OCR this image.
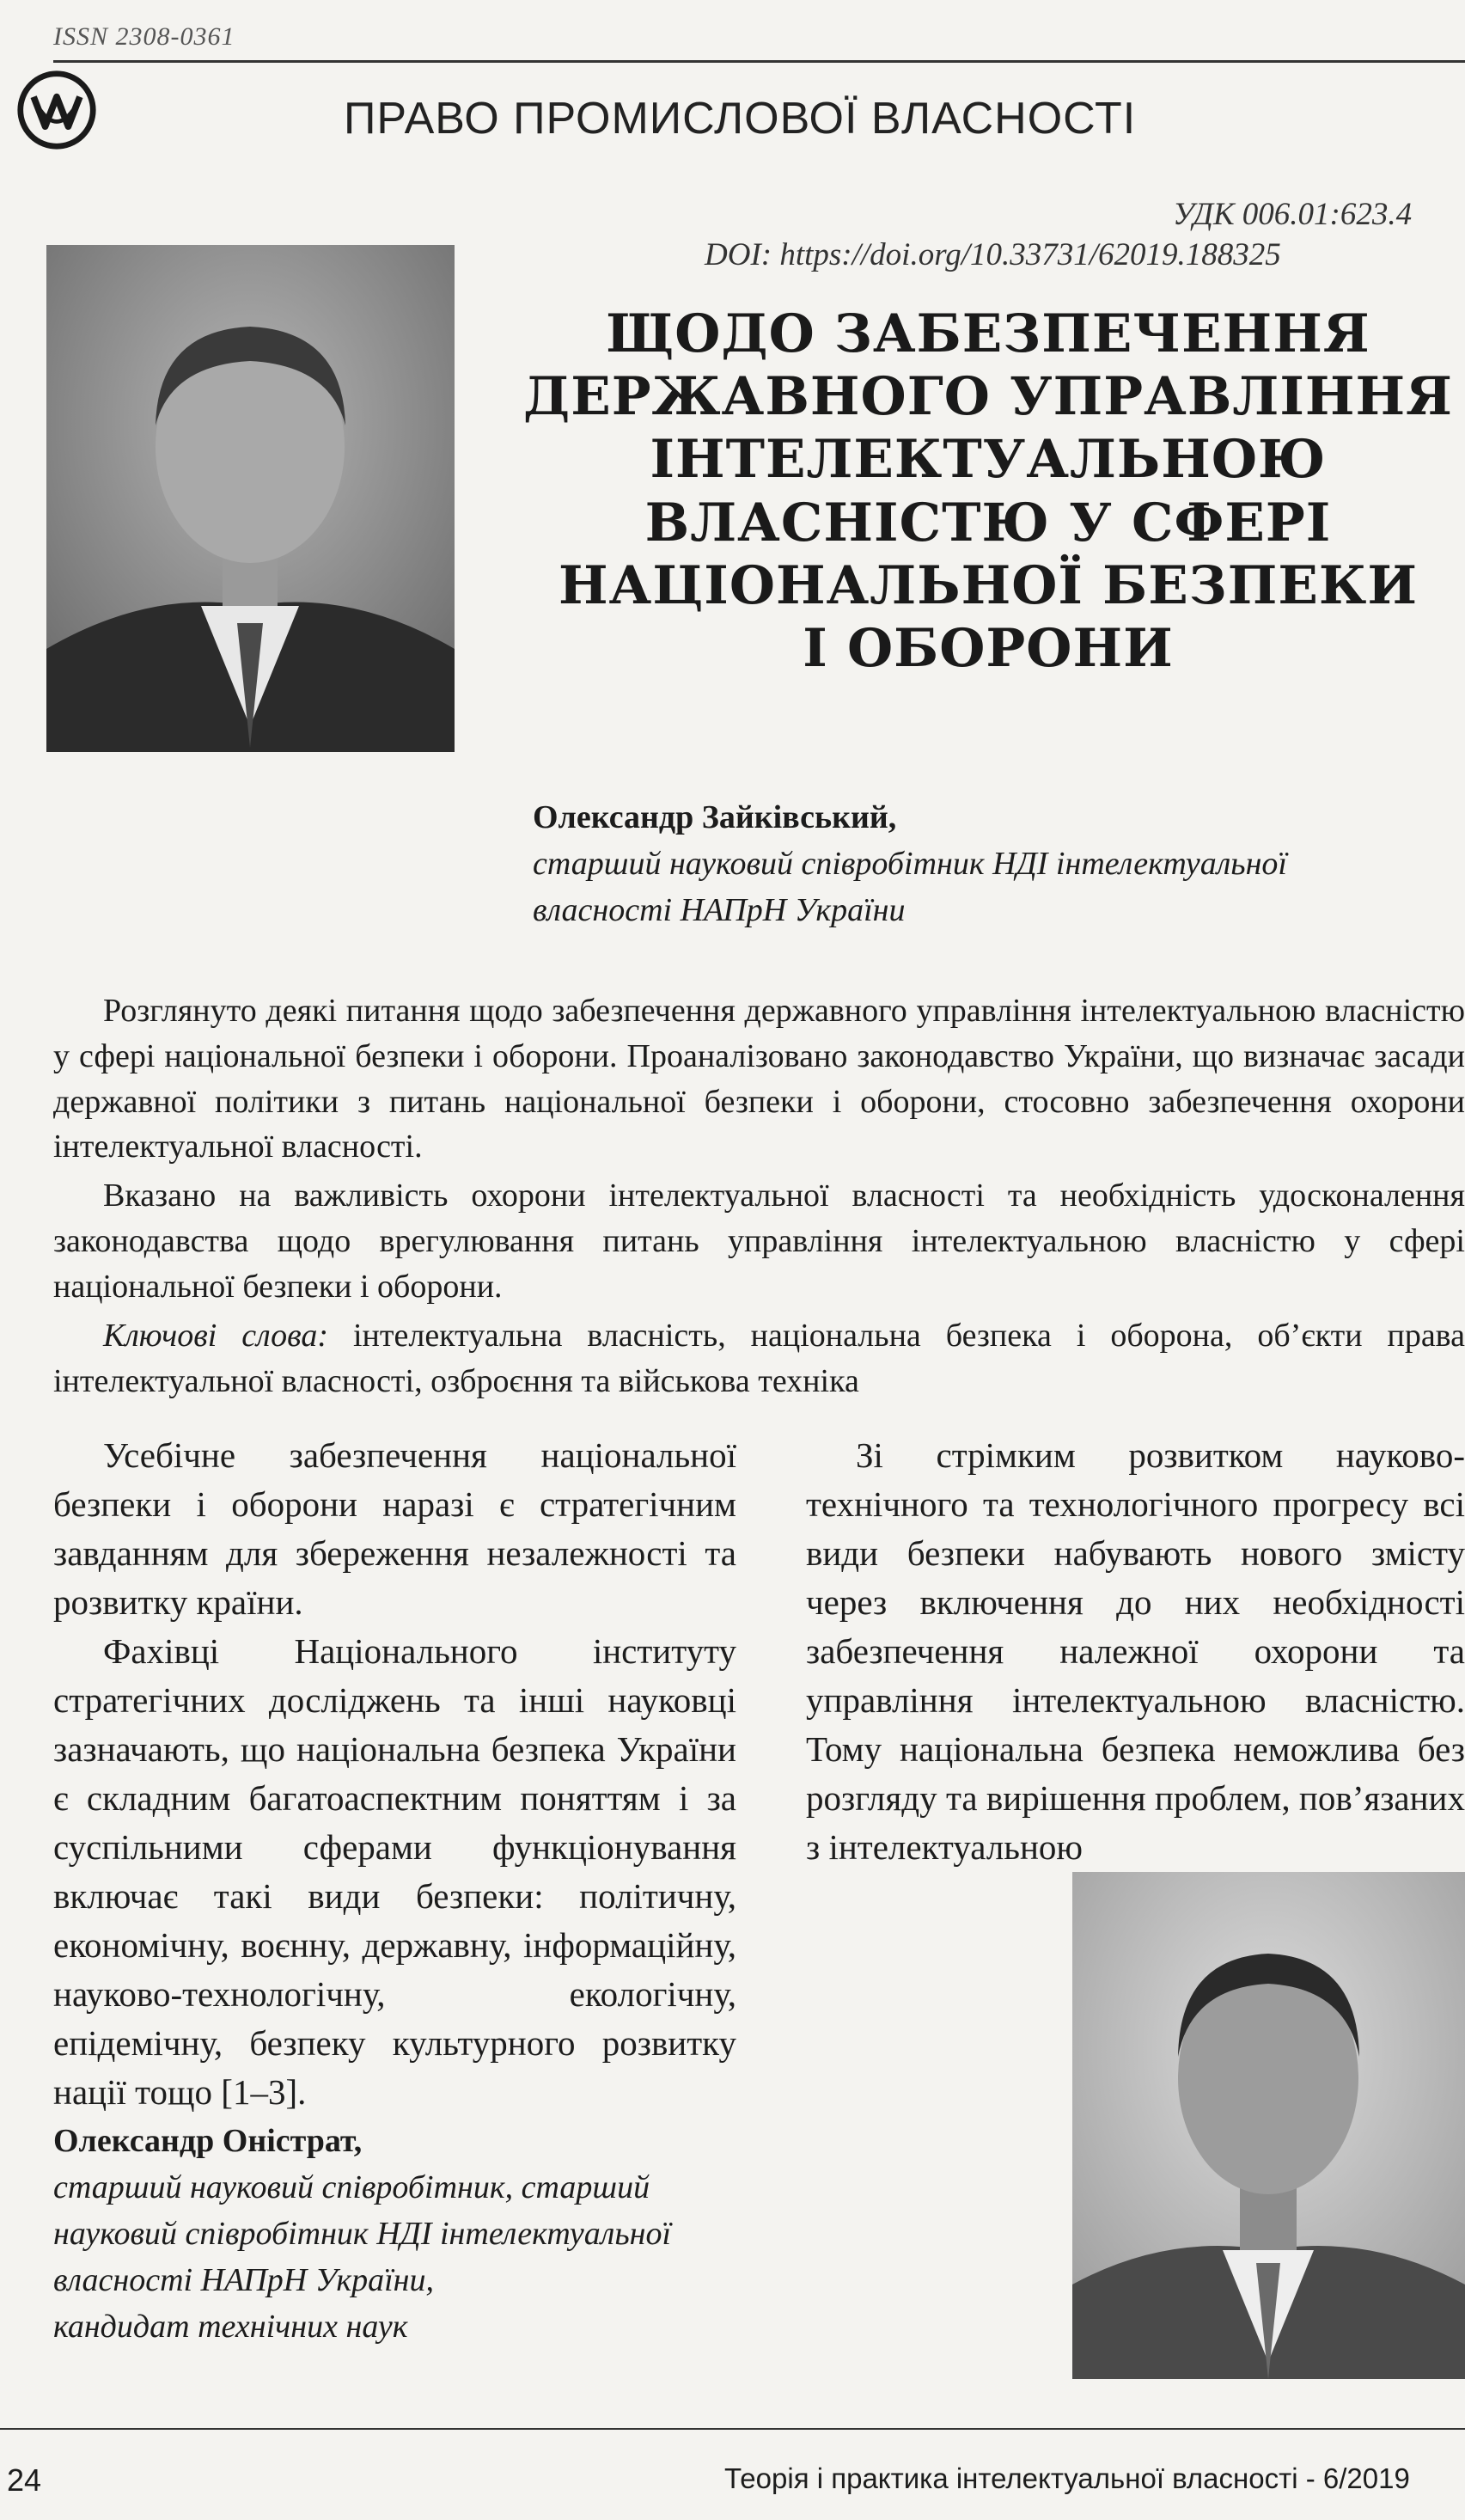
ISSN 2308-0361
ПРАВО ПРОМИСЛОВОЇ ВЛАСНОСТІ
УДК 006.01:623.4
DOI: https://doi.org/10.33731/62019.188325
ЩОДО ЗАБЕЗПЕЧЕННЯ
ДЕРЖАВНОГО УПРАВЛІННЯ
ІНТЕЛЕКТУАЛЬНОЮ
ВЛАСНІСТЮ У СФЕРІ
НАЦІОНАЛЬНОЇ БЕЗПЕКИ
І ОБОРОНИ
Олександр Зайківський,
старший науковий співробітник НДІ інтелектуальної
власності НАПрН України

Розглянуто деякі питання щодо забезпечення державного управління інтелектуальною власністю у сфері національної безпеки і оборони. Проаналізовано законодавство України, що визначає засади державної політики з питань національної безпеки і оборони, стосовно забезпечення охорони інтелектуальної власності.

Вказано на важливість охорони інтелектуальної власності та необхідність удосконалення законодавства щодо врегулювання питань управління інтелектуальною власністю у сфері національної безпеки і оборони.

Ключові слова: інтелектуальна власність, національна безпека і оборона, об’єкти права інтелектуальної власності, озброєння та військова техніка

Усебічне забезпечення національної безпеки і оборони наразі є стратегічним завданням для збереження незалежності та розвитку країни.

Фахівці Національного інституту стратегічних досліджень та інші науковці зазначають, що національна безпека України є складним багатоаспектним поняттям і за суспільними сферами функціонування включає такі види безпеки: політичну, економічну, воєнну, державну, інформаційну, науково-технологічну, екологічну, епідемічну, безпеку культурного розвитку нації тощо [1–3].

Зі стрімким розвитком науково-технічного та технологічного прогресу всі види безпеки набувають нового змісту через включення до них необхідності забезпечення належної охорони та управління інтелектуальною власністю. Тому національна безпека неможлива без розгляду та вирішення проблем, пов’язаних з інтелектуальною

Олександр Оністрат,
старший науковий співробітник, старший
науковий співробітник НДІ інтелектуальної
власності НАПрН України,
кандидат технічних наук
24	Теорія і практика інтелектуальної власності - 6/2019
